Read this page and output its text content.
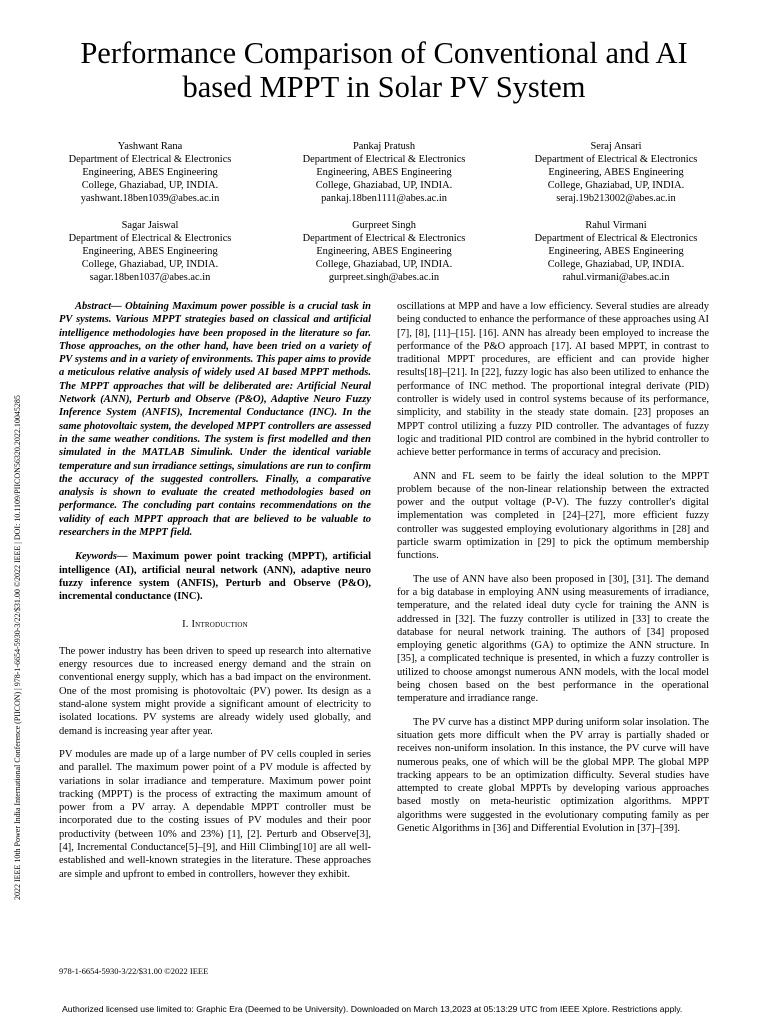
2022 IEEE 10th Power India International Conference (PIICON) | 978-1-6654-5930-3/22/$31.00 ©2022 IEEE | DOI: 10.1109/PIICON56320.2022.10045285
Performance Comparison of Conventional and AI
based MPPT in Solar PV System
Yashwant Rana
Department of Electrical & Electronics
Engineering, ABES Engineering
College, Ghaziabad, UP, INDIA.
yashwant.18ben1039@abes.ac.in
Pankaj Pratush
Department of Electrical & Electronics
Engineering, ABES Engineering
College, Ghaziabad, UP, INDIA.
pankaj.18ben1111@abes.ac.in
Seraj Ansari
Department of Electrical & Electronics
Engineering, ABES Engineering
College, Ghaziabad, UP, INDIA.
seraj.19b213002@abes.ac.in
Sagar Jaiswal
Department of Electrical & Electronics
Engineering, ABES Engineering
College, Ghaziabad, UP, INDIA.
sagar.18ben1037@abes.ac.in
Gurpreet Singh
Department of Electrical & Electronics
Engineering, ABES Engineering
College, Ghaziabad, UP, INDIA.
gurpreet.singh@abes.ac.in
Rahul Virmani
Department of Electrical & Electronics
Engineering, ABES Engineering
College, Ghaziabad, UP, INDIA.
rahul.virmani@abes.ac.in

Abstract— Obtaining Maximum power possible is a crucial task in PV systems. Various MPPT strategies based on classical and artificial intelligence methodologies have been proposed in the literature so far. Those approaches, on the other hand, have been tried on a variety of PV systems and in a variety of environments. This paper aims to provide a meticulous relative analysis of widely used AI based MPPT methods. The MPPT approaches that will be deliberated are: Artificial Neural Network (ANN), Perturb and Observe (P&O), Adaptive Neuro Fuzzy Inference System (ANFIS), Incremental Conductance (INC). In the same photovoltaic system, the developed MPPT controllers are assessed in the same weather conditions. The system is first modelled and then simulated in the MATLAB Simulink. Under the identical variable temperature and sun irradiance settings, simulations are run to confirm the accuracy of the suggested controllers. Finally, a comparative analysis is shown to evaluate the created methodologies based on performance. The concluding part contains recommendations on the validity of each MPPT approach that are believed to be valuable to researchers in the MPPT field.

Keywords— Maximum power point tracking (MPPT), artificial intelligence (AI), artificial neural network (ANN), adaptive neuro fuzzy inference system (ANFIS), Perturb and Observe (P&O), incremental conductance (INC).

I. Introduction

The power industry has been driven to speed up research into alternative energy resources due to increased energy demand and the strain on conventional energy supply, which has a bad impact on the environment. One of the most promising is photovoltaic (PV) power. Its design as a stand-alone system might provide a significant amount of electricity to isolated locations. PV systems are already widely used globally, and demand is increasing year after year.

PV modules are made up of a large number of PV cells coupled in series and parallel. The maximum power point of a PV module is affected by variations in solar irradiance and temperature. Maximum power point tracking (MPPT) is the process of extracting the maximum amount of power from a PV array. A dependable MPPT controller must be incorporated due to the costing issues of PV modules and their poor productivity (between 10% and 23%) [1], [2]. Perturb and Observe[3], [4], Incremental Conductance[5]–[9], and Hill Climbing[10] are all well-established and well-known strategies in the literature. These approaches are simple and upfront to embed in controllers, however they exhibit.

oscillations at MPP and have a low efficiency. Several studies are already being conducted to enhance the performance of these approaches using AI [7], [8], [11]–[15]. [16]. ANN has already been employed to increase the performance of the P&O approach [17]. AI based MPPT, in contrast to traditional MPPT procedures, are efficient and can provide higher results[18]–[21]. In [22], fuzzy logic has also been utilized to enhance the performance of INC method. The proportional integral derivate (PID) controller is widely used in control systems because of its performance, simplicity, and stability in the steady state domain. [23] proposes an MPPT control utilizing a fuzzy PID controller. The advantages of fuzzy logic and traditional PID control are combined in the hybrid controller to achieve better performance in terms of accuracy and precision.

ANN and FL seem to be fairly the ideal solution to the MPPT problem because of the non-linear relationship between the extracted power and the output voltage (P-V). The fuzzy controller's digital implementation was completed in [24]–[27], more efficient fuzzy controller was suggested employing evolutionary algorithms in [28] and particle swarm optimization in [29] to pick the optimum membership functions.

The use of ANN have also been proposed in [30], [31]. The demand for a big database in employing ANN using measurements of irradiance, temperature, and the related ideal duty cycle for training the ANN is addressed in [32]. The fuzzy controller is utilized in [33] to create the database for neural network training. The authors of [34] proposed employing genetic algorithms (GA) to optimize the ANN structure. In [35], a complicated technique is presented, in which a fuzzy controller is utilized to choose amongst numerous ANN models, with the local model being chosen based on the best performance in the operational temperature and irradiance range.

The PV curve has a distinct MPP during uniform solar insolation. The situation gets more difficult when the PV array is partially shaded or receives non-uniform insolation. In this instance, the PV curve will have numerous peaks, one of which will be the global MPP. The global MPP tracking appears to be an optimization difficulty. Several studies have attempted to create global MPPTs by developing various approaches based mostly on meta-heuristic optimization algorithms. MPPT algorithms were suggested in the evolutionary computing family as per Genetic Algorithms in [36] and Differential Evolution in [37]–[39].

978-1-6654-5930-3/22/$31.00 ©2022 IEEE
Authorized licensed use limited to: Graphic Era (Deemed to be University). Downloaded on March 13,2023 at 05:13:29 UTC from IEEE Xplore. Restrictions apply.
